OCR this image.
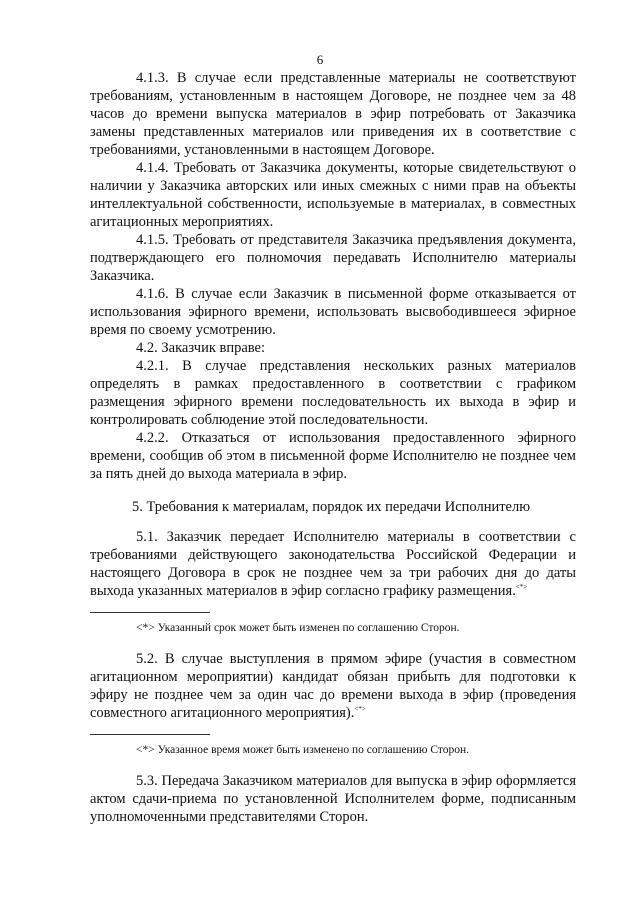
6

4.1.3. В случае если представленные материалы не соответствуют требованиям, установленным в настоящем Договоре, не позднее чем за 48 часов до времени выпуска материалов в эфир потребовать от Заказчика замены представленных материалов или приведения их в соответствие с требованиями, установленными в настоящем Договоре.

4.1.4. Требовать от Заказчика документы, которые свидетельствуют о наличии у Заказчика авторских или иных смежных с ними прав на объекты интеллектуальной собственности, используемые в материалах, в совместных агитационных мероприятиях.

4.1.5. Требовать от представителя Заказчика предъявления документа, подтверждающего его полномочия передавать Исполнителю материалы Заказчика.

4.1.6. В случае если Заказчик в письменной форме отказывается от использования эфирного времени, использовать высвободившееся эфирное время по своему усмотрению.

4.2. Заказчик вправе:

4.2.1. В случае представления нескольких разных материалов определять в рамках предоставленного в соответствии с графиком размещения эфирного времени последовательность их выхода в эфир и контролировать соблюдение этой последовательности.

4.2.2. Отказаться от использования предоставленного эфирного времени, сообщив об этом в письменной форме Исполнителю не позднее чем за пять дней до выхода материала в эфир.

5. Требования к материалам, порядок их передачи Исполнителю

5.1. Заказчик передает Исполнителю материалы в соответствии с требованиями действующего законодательства Российской Федерации и настоящего Договора в срок не позднее чем за три рабочих дня до даты выхода указанных материалов в эфир согласно графику размещения.<*>

<*> Указанный срок может быть изменен по соглашению Сторон.

5.2. В случае выступления в прямом эфире (участия в совместном агитационном мероприятии) кандидат обязан прибыть для подготовки к эфиру не позднее чем за один час до времени выхода в эфир (проведения совместного агитационного мероприятия).<*>

<*> Указанное время может быть изменено по соглашению Сторон.

5.3. Передача Заказчиком материалов для выпуска в эфир оформляется актом сдачи-приема по установленной Исполнителем форме, подписанным уполномоченными представителями Сторон.
